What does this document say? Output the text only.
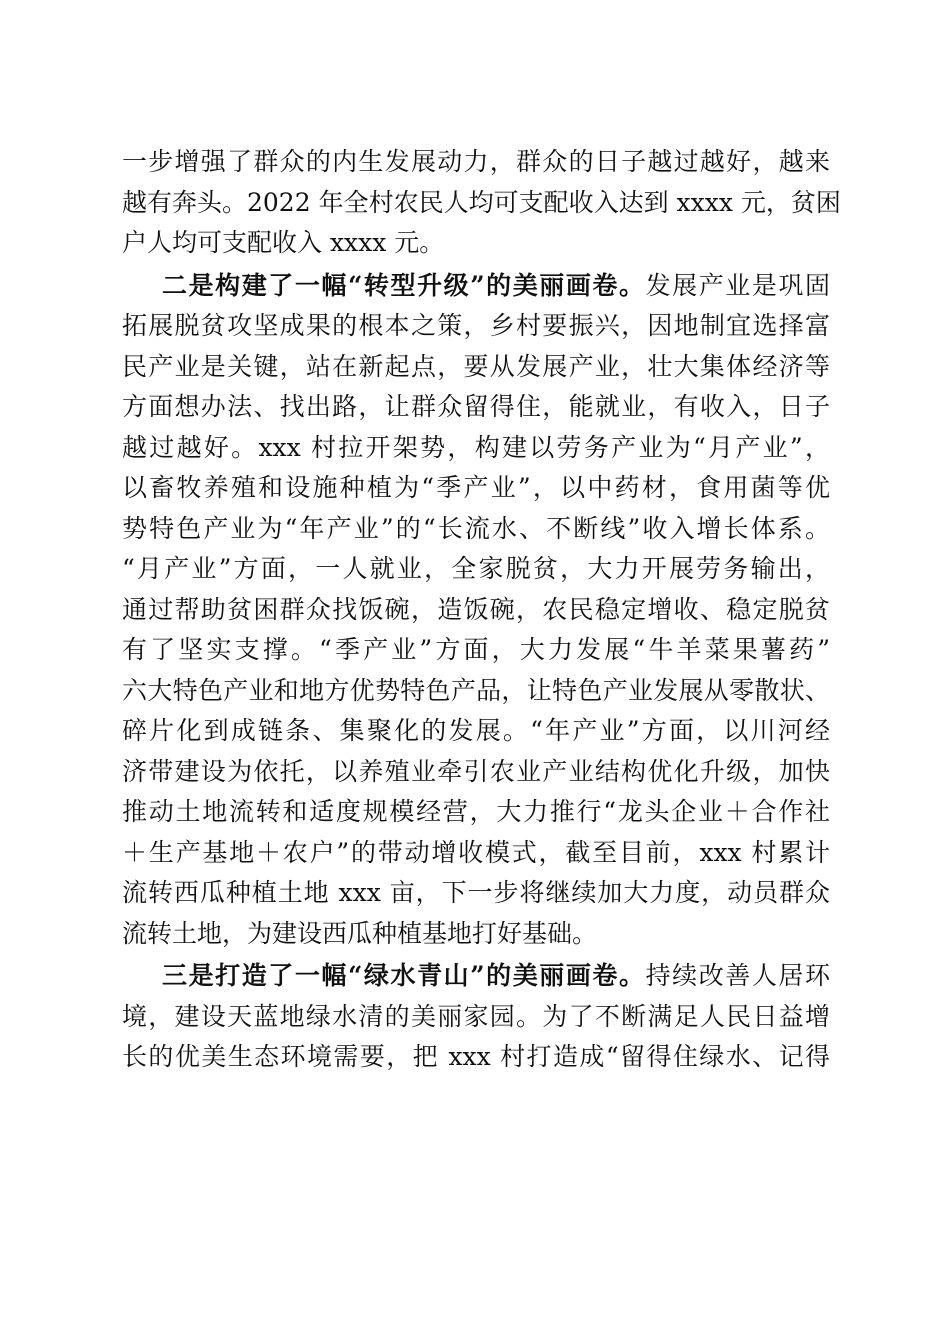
一步增强了群众的内生发展动力，群众的日子越过越好，越来
越有奔头。2022 年全村农民人均可支配收入达到 xxxx 元，贫困
户人均可支配收入 xxxx 元。
二是构建了一幅“转型升级”的美丽画卷。发展产业是巩固
拓展脱贫攻坚成果的根本之策，乡村要振兴，因地制宜选择富
民产业是关键，站在新起点，要从发展产业，壮大集体经济等
方面想办法、找出路，让群众留得住，能就业，有收入，日子
越过越好。xxx 村拉开架势，构建以劳务产业为“月产业”，
以畜牧养殖和设施种植为“季产业”，以中药材，食用菌等优
势特色产业为“年产业”的“长流水、不断线”收入增长体系。
“月产业”方面，一人就业，全家脱贫，大力开展劳务输出，
通过帮助贫困群众找饭碗，造饭碗，农民稳定增收、稳定脱贫
有了坚实支撑。“季产业”方面，大力发展“牛羊菜果薯药”
六大特色产业和地方优势特色产品，让特色产业发展从零散状、
碎片化到成链条、集聚化的发展。“年产业”方面，以川河经
济带建设为依托，以养殖业牵引农业产业结构优化升级，加快
推动土地流转和适度规模经营，大力推行“龙头企业＋合作社
＋生产基地＋农户”的带动增收模式，截至目前，xxx 村累计
流转西瓜种植土地 xxx 亩，下一步将继续加大力度，动员群众
流转土地，为建设西瓜种植基地打好基础。
三是打造了一幅“绿水青山”的美丽画卷。持续改善人居环
境，建设天蓝地绿水清的美丽家园。为了不断满足人民日益增
长的优美生态环境需要，把 xxx 村打造成“留得住绿水、记得
